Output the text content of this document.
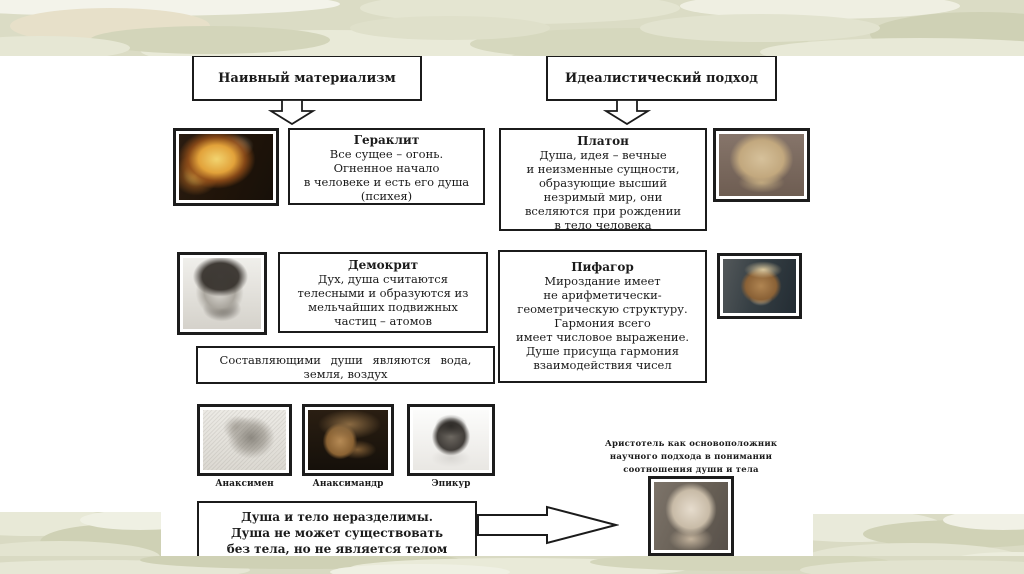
Наивный материализм	Идеалистический подход
Гераклит
Все сущее – огонь.
Огненное начало
в человеке и есть его душа
(психея)
Платон
Душа, идея – вечные
и неизменные сущности,
образующие высший
незримый мир, они
вселяются при рождении
в тело человека
Демокрит
Дух, душа считаются
телесными и образуются из
мельчайших подвижных
частиц – атомов
Пифагор
Мироздание имеет
не арифметически-
геометрическую структуру.
Гармония всего
имеет числовое выражение.
Душе присуща гармония
взаимодействия чисел
Составляющими души являются вода,
земля, воздух
Анаксимен	Анаксимандр	Эпикур
Аристотель как основоположник
научного подхода в понимании
соотношения души и тела
Душа и тело неразделимы.
Душа не может существовать
без тела, но не является телом
